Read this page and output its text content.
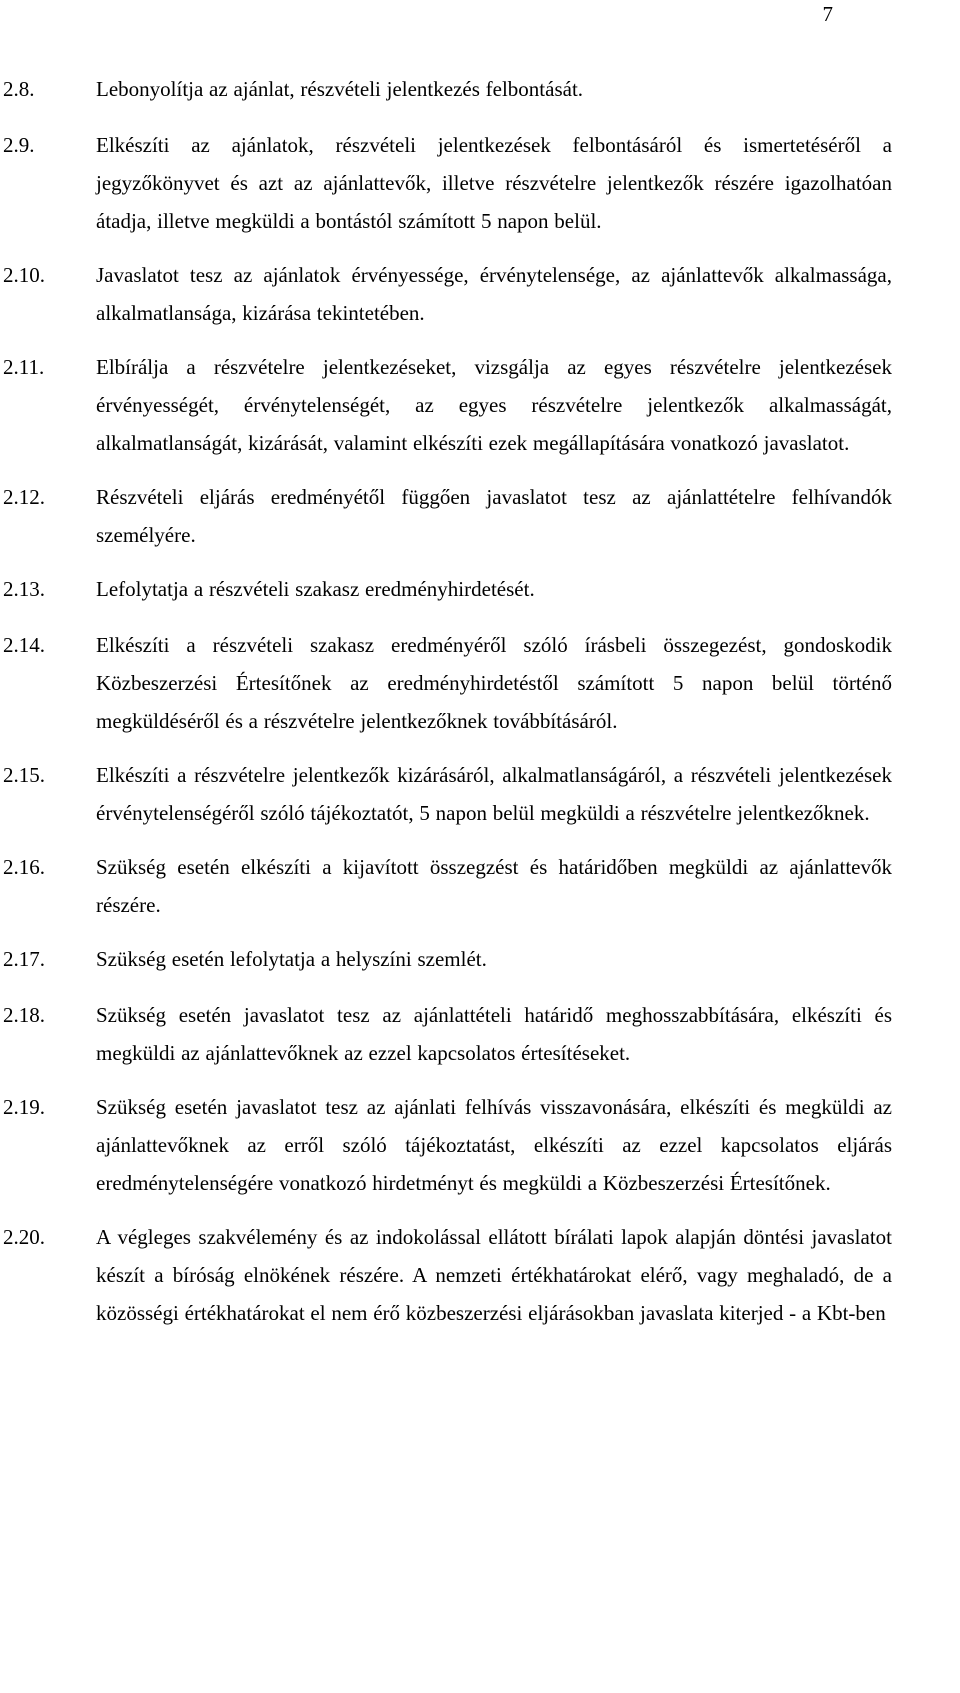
7
2.8.	Lebonyolítja az ajánlat, részvételi jelentkezés felbontását.
2.9.	Elkészíti az ajánlatok, részvételi jelentkezések felbontásáról és ismertetéséről a jegyzőkönyvet és azt az ajánlattevők, illetve részvételre jelentkezők részére igazolhatóan átadja, illetve megküldi a bontástól számított 5 napon belül.
2.10. Javaslatot tesz az ajánlatok érvényessége, érvénytelensége, az ajánlattevők alkalmassága, alkalmatlansága, kizárása tekintetében.
2.11. Elbírálja a részvételre jelentkezéseket, vizsgálja az egyes részvételre jelentkezések érvényességét, érvénytelenségét, az egyes részvételre jelentkezők alkalmasságát, alkalmatlanságát, kizárását, valamint elkészíti ezek megállapítására vonatkozó javaslatot.
2.12. Részvételi eljárás eredményétől függően javaslatot tesz az ajánlattételre felhívandók személyére.
2.13. Lefolytatja a részvételi szakasz eredményhirdetését.
2.14. Elkészíti a részvételi szakasz eredményéről szóló írásbeli összegezést, gondoskodik Közbeszerzési Értesítőnek az eredményhirdetéstől számított 5 napon belül történő megküldéséről és a részvételre jelentkezőknek továbbításáról.
2.15. Elkészíti a részvételre jelentkezők kizárásáról, alkalmatlanságáról, a részvételi jelentkezések érvénytelenségéről szóló tájékoztatót, 5 napon belül megküldi a részvételre jelentkezőknek.
2.16. Szükség esetén elkészíti a kijavított összegzést és határidőben megküldi az ajánlattevők részére.
2.17. Szükség esetén lefolytatja a helyszíni szemlét.
2.18. Szükség esetén javaslatot tesz az ajánlattételi határidő meghosszabbítására, elkészíti és megküldi az ajánlattevőknek az ezzel kapcsolatos értesítéseket.
2.19. Szükség esetén javaslatot tesz az ajánlati felhívás visszavonására, elkészíti és megküldi az ajánlattevőknek az erről szóló tájékoztatást, elkészíti az ezzel kapcsolatos eljárás eredménytelenségére vonatkozó hirdetményt és megküldi a Közbeszerzési Értesítőnek.
2.20. A végleges szakvélemény és az indokolással ellátott bírálati lapok alapján döntési javaslatot készít a bíróság elnökének részére. A nemzeti értékhatárokat elérő, vagy meghaladó, de a közösségi értékhatárokat el nem érő közbeszerzési eljárásokban javaslata kiterjed - a Kbt-ben
